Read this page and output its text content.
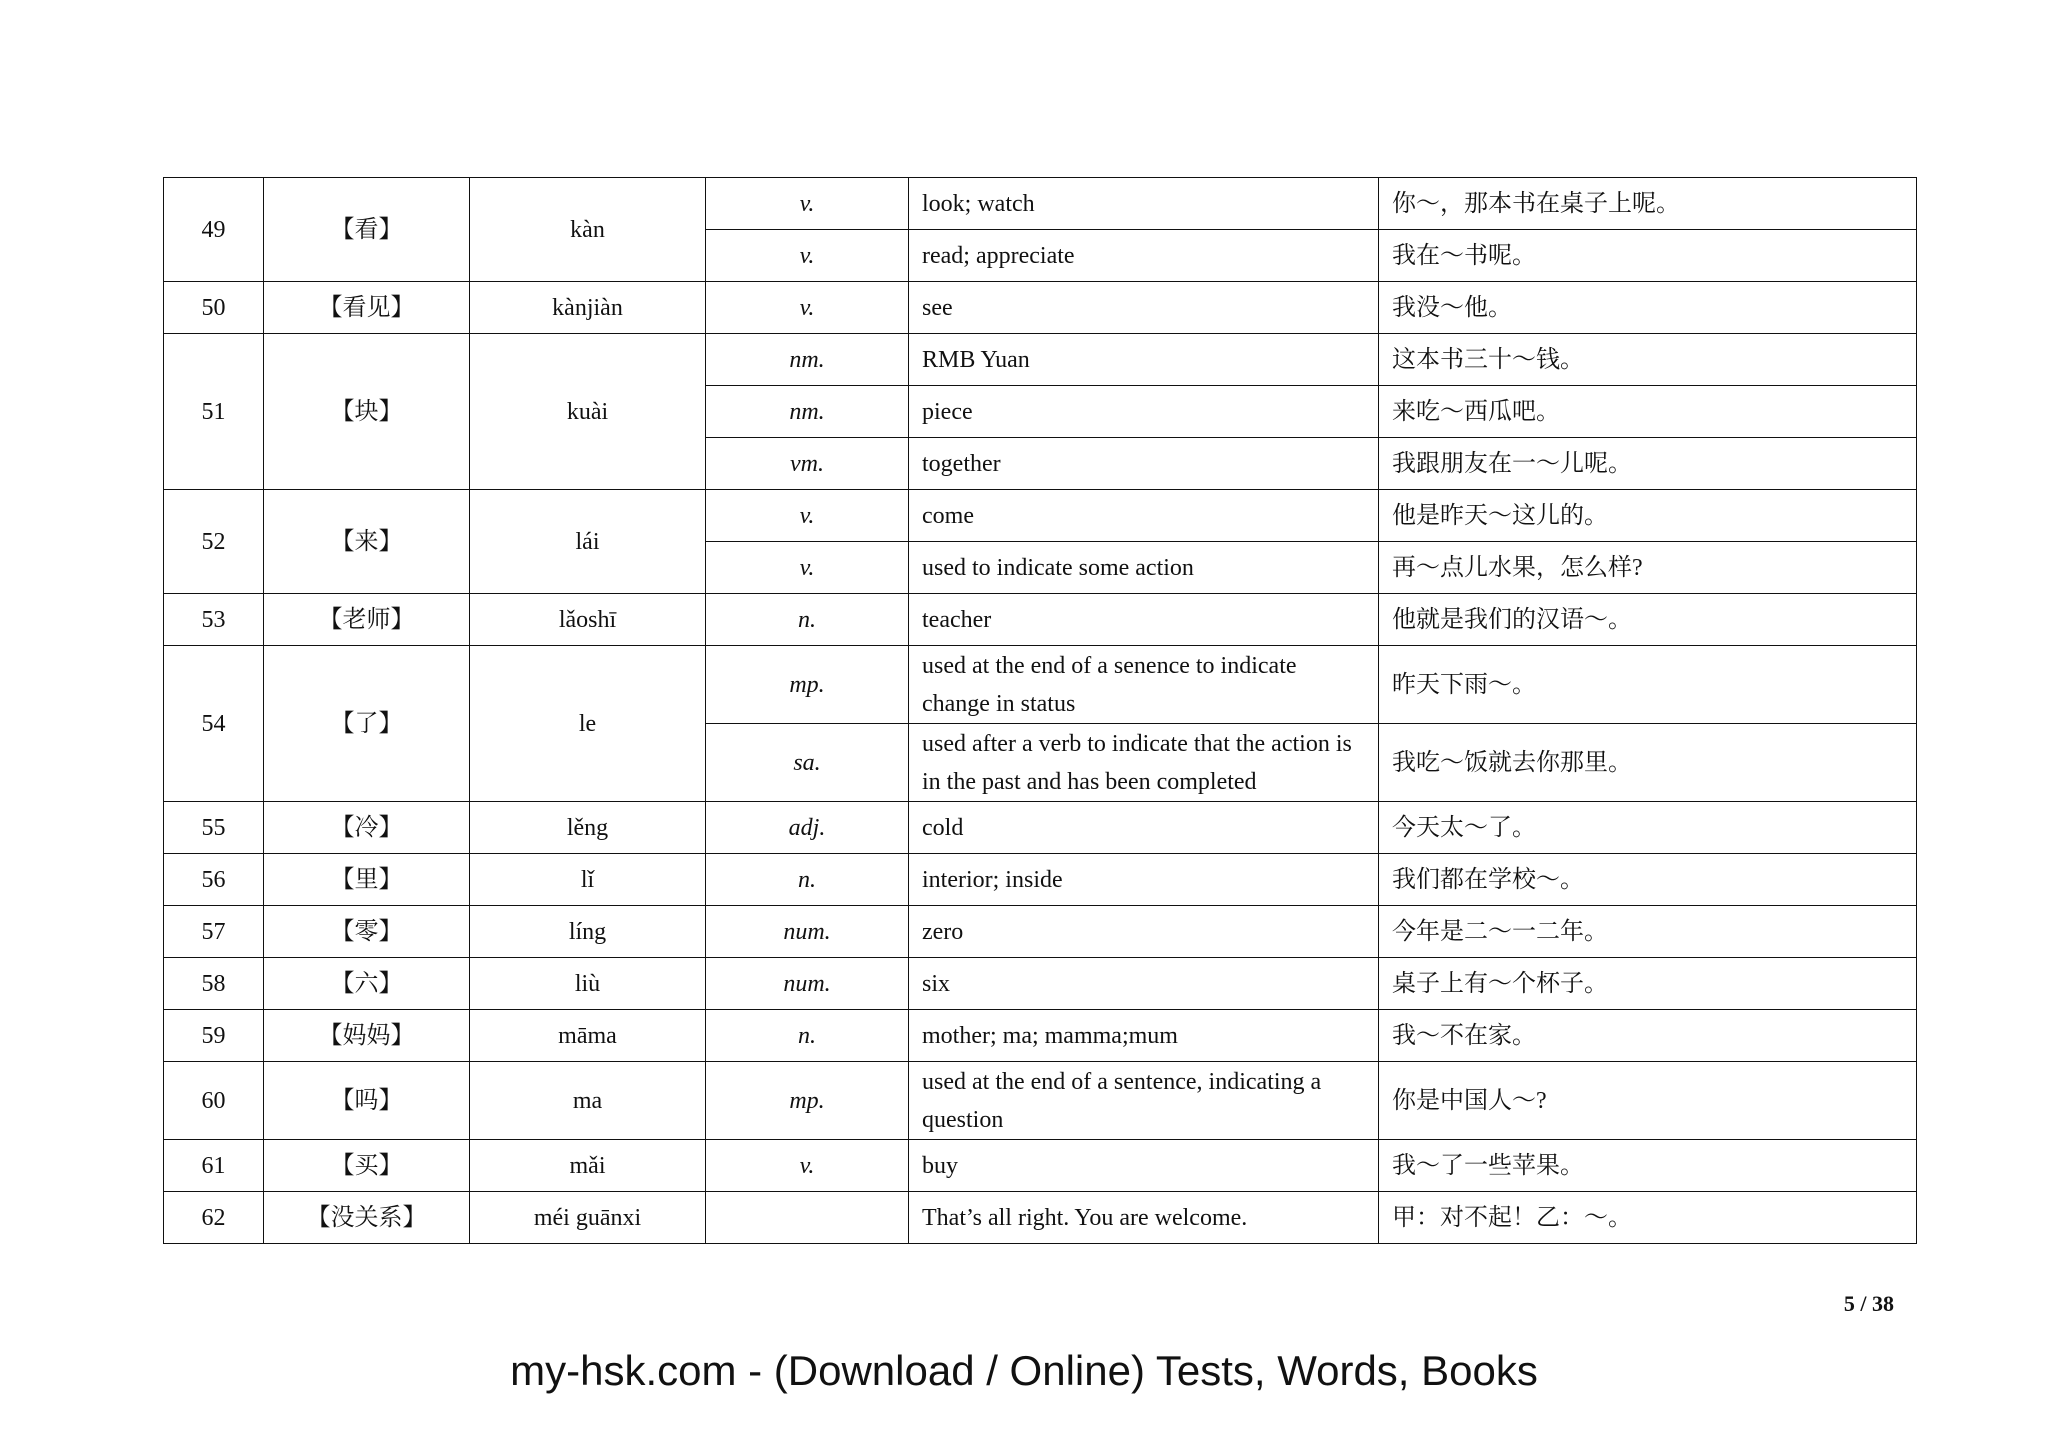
49	【看】	kàn	v.	look; watch	你～，那本书在桌子上呢。
			v.	read; appreciate	我在～书呢。
50	【看见】	kànjiàn	v.	see	我没～他。
51	【块】	kuài	nm.	RMB Yuan	这本书三十～钱。
			nm.	piece	来吃～西瓜吧。
			vm.	together	我跟朋友在一～儿呢。
52	【来】	lái	v.	come	他是昨天～这儿的。
			v.	used to indicate some action	再～点儿水果，怎么样?
53	【老师】	lǎoshī	n.	teacher	他就是我们的汉语～。
54	【了】	le	mp.	used at the end of a senence to indicate change in status	昨天下雨～。
			sa.	used after a verb to indicate that the action is in the past and has been completed	我吃～饭就去你那里。
55	【冷】	lěng	adj.	cold	今天太～了。
56	【里】	lǐ	n.	interior; inside	我们都在学校～。
57	【零】	líng	num.	zero	今年是二～一二年。
58	【六】	liù	num.	six	桌子上有～个杯子。
59	【妈妈】	māma	n.	mother; ma; mamma;mum	我～不在家。
60	【吗】	ma	mp.	used at the end of a sentence, indicating a question	你是中国人～?
61	【买】	mǎi	v.	buy	我～了一些苹果。
62	【没关系】	méi guānxi		That’s all right. You are welcome.	甲：对不起！乙：～。
5 / 38
my-hsk.com - (Download / Online) Tests, Words, Books
